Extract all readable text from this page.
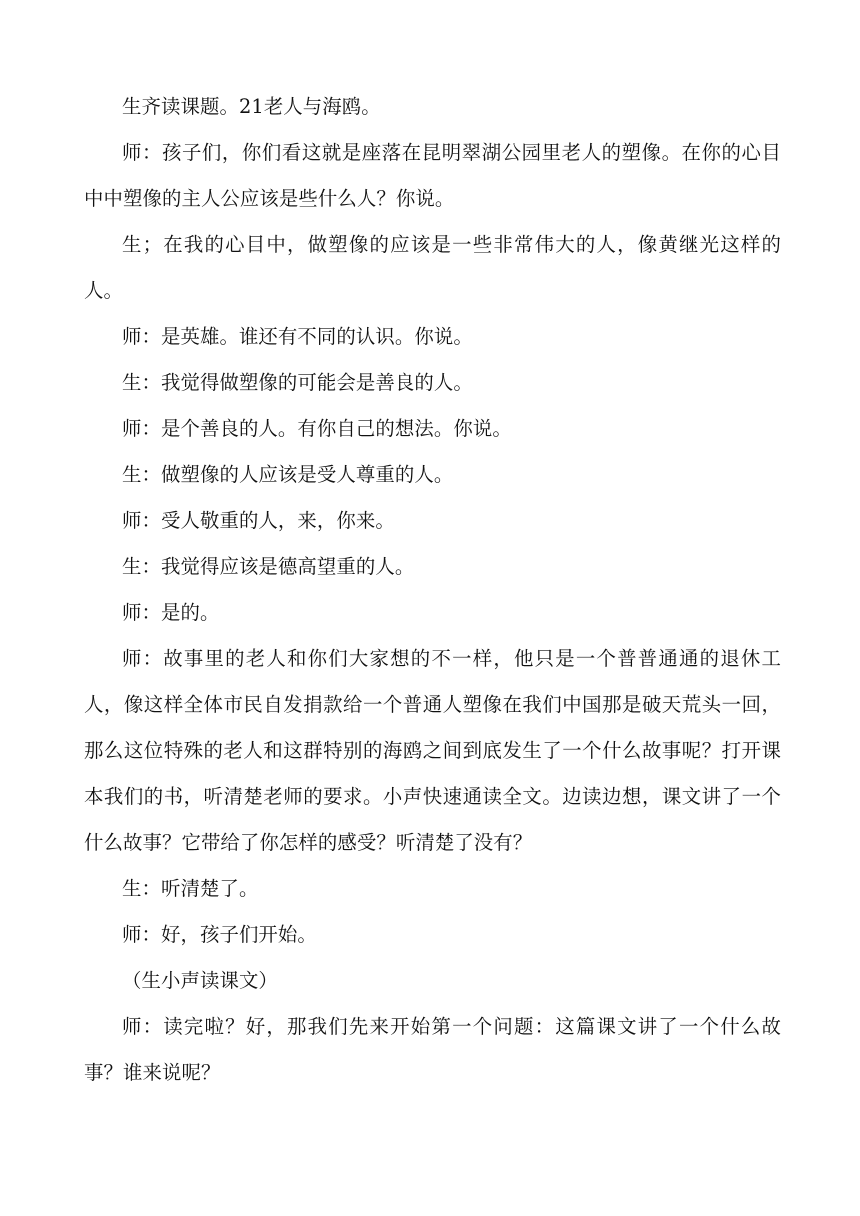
生齐读课题。21老人与海鸥。

师：孩子们，你们看这就是座落在昆明翠湖公园里老人的塑像。在你的心目中中塑像的主人公应该是些什么人？你说。

生；在我的心目中，做塑像的应该是一些非常伟大的人，像黄继光这样的人。

师：是英雄。谁还有不同的认识。你说。

生：我觉得做塑像的可能会是善良的人。

师：是个善良的人。有你自己的想法。你说。

生：做塑像的人应该是受人尊重的人。

师：受人敬重的人，来，你来。

生：我觉得应该是德高望重的人。

师：是的。

师：故事里的老人和你们大家想的不一样，他只是一个普普通通的退休工人，像这样全体市民自发捐款给一个普通人塑像在我们中国那是破天荒头一回，那么这位特殊的老人和这群特别的海鸥之间到底发生了一个什么故事呢？打开课本我们的书，听清楚老师的要求。小声快速通读全文。边读边想，课文讲了一个什么故事？它带给了你怎样的感受？听清楚了没有？

生：听清楚了。

师：好，孩子们开始。

（生小声读课文）

师：读完啦？好，那我们先来开始第一个问题：这篇课文讲了一个什么故事？谁来说呢？
